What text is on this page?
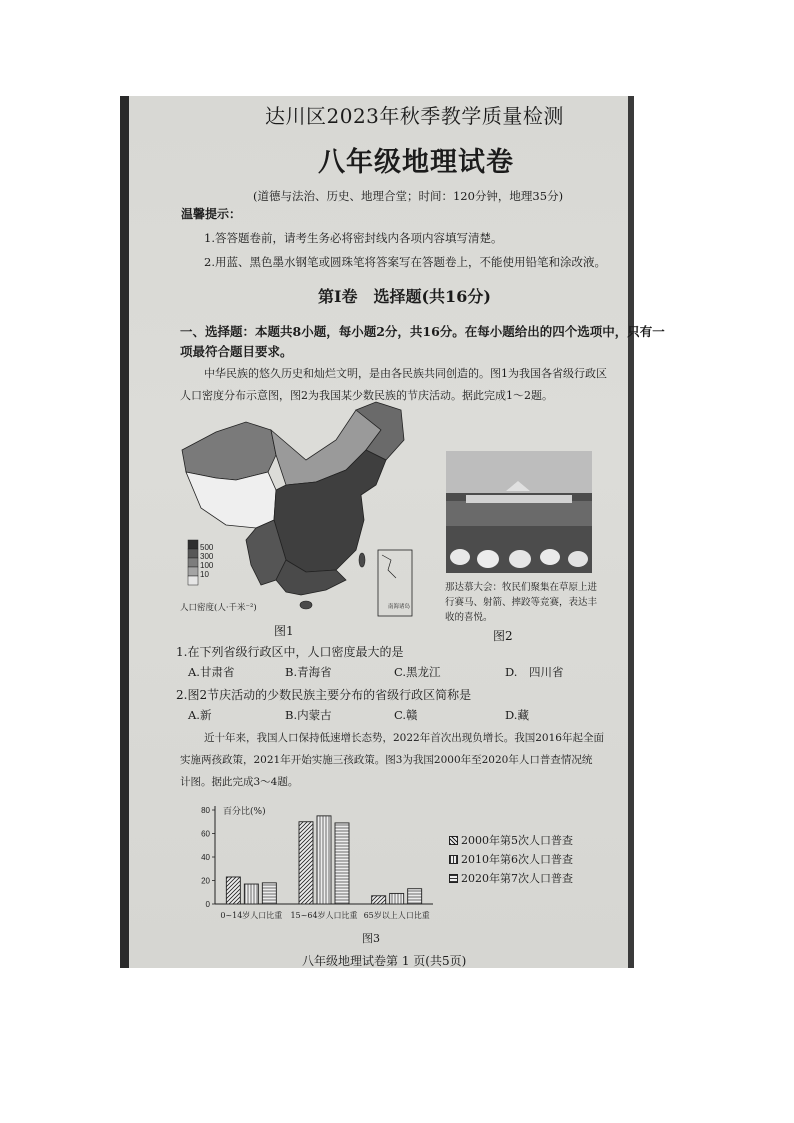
达川区2023年秋季教学质量检测
八年级地理试卷
(道德与法治、历史、地理合堂；时间：120分钟，地理35分)
温馨提示：
1.答答题卷前，请考生务必将密封线内各项内容填写清楚。
2.用蓝、黑色墨水钢笔或圆珠笔将答案写在答题卷上，不能使用铅笔和涂改液。
第Ⅰ卷　选择题(共16分)
一、选择题：本题共8小题，每小题2分，共16分。在每小题给出的四个选项中，只有一
项最符合题目要求。
中华民族的悠久历史和灿烂文明，是由各民族共同创造的。图1为我国各省级行政区
人口密度分布示意图，图2为我国某少数民族的节庆活动。据此完成1～2题。
500
300
100
10
人口密度(人·千米⁻²)	南海诸岛
那达慕大会：牧民们聚集在草原上进行赛马、射箭、摔跤等竞赛，表达丰收的喜悦。
图1	图2
1.在下列省级行政区中，人口密度最大的是
A.甘肃省	B.青海省	C.黑龙江	D.　四川省
2.图2节庆活动的少数民族主要分布的省级行政区简称是
A.新	B.内蒙古	C.赣	D.藏
近十年来，我国人口保持低速增长态势，2022年首次出现负增长。我国2016年起全面
实施两孩政策，2021年开始实施三孩政策。图3为我国2000年至2020年人口普查情况统
计图。据此完成3～4题。
百分比(%)
0
20
40
60
80
0~14岁人口比重 15~64岁人口比重 65岁以上人口比重
2000年第5次人口普查
2010年第6次人口普查
2020年第7次人口普查
图3
八年级地理试卷第 1 页(共5页)
